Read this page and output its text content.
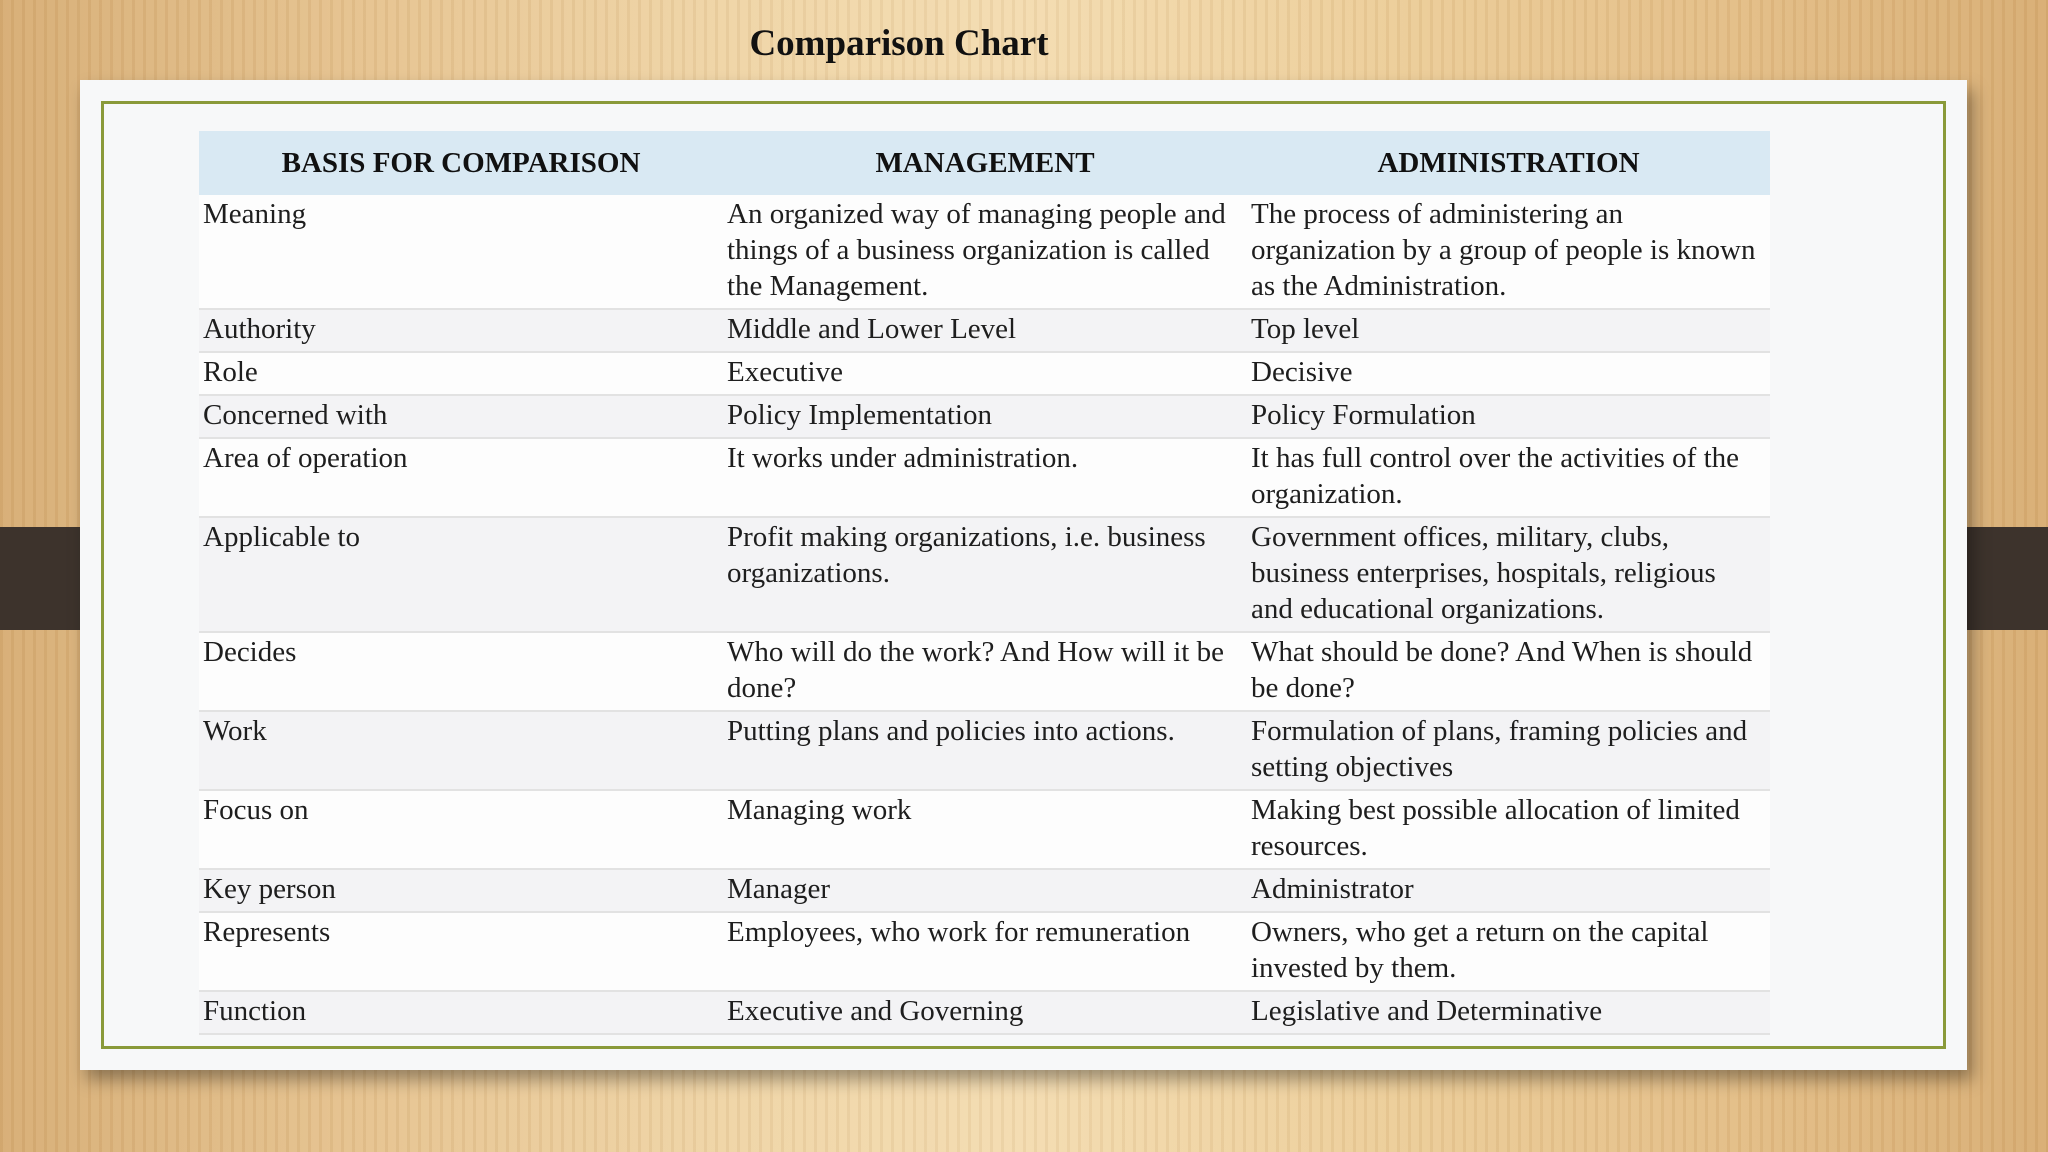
Comparison Chart
BASIS FOR COMPARISON	MANAGEMENT	ADMINISTRATION
Meaning	An organized way of managing people and things of a business organization is called the Management.	The process of administering an organization by a group of people is known as the Administration.
Authority	Middle and Lower Level	Top level
Role	Executive	Decisive
Concerned with	Policy Implementation	Policy Formulation
Area of operation	It works under administration.	It has full control over the activities of the organization.
Applicable to	Profit making organizations, i.e. business organizations.	Government offices, military, clubs, business enterprises, hospitals, religious and educational organizations.
Decides	Who will do the work? And How will it be done?	What should be done? And When is should be done?
Work	Putting plans and policies into actions.	Formulation of plans, framing policies and setting objectives
Focus on	Managing work	Making best possible allocation of limited resources.
Key person	Manager	Administrator
Represents	Employees, who work for remuneration	Owners, who get a return on the capital invested by them.
Function	Executive and Governing	Legislative and Determinative
